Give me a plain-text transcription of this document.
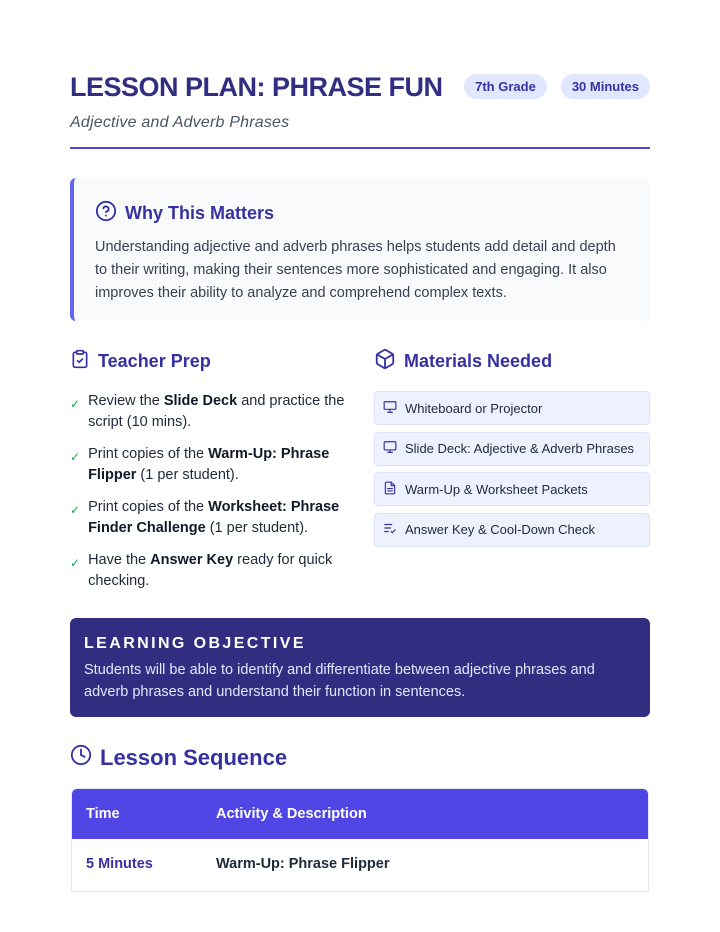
LESSON PLAN: PHRASE FUN
Adjective and Adverb Phrases
7th Grade	30 Minutes
Why This Matters

Understanding adjective and adverb phrases helps students add detail and depth to their writing, making their sentences more sophisticated and engaging. It also improves their ability to analyze and comprehend complex texts.

Teacher Prep
✓ Review the Slide Deck and practice the script (10 mins).
✓ Print copies of the Warm-Up: Phrase Flipper (1 per student).
✓ Print copies of the Worksheet: Phrase Finder Challenge (1 per student).
✓ Have the Answer Key ready for quick checking.
Materials Needed
Whiteboard or Projector
Slide Deck: Adjective & Adverb Phrases
Warm-Up & Worksheet Packets
Answer Key & Cool-Down Check
LEARNING OBJECTIVE

Students will be able to identify and differentiate between adjective phrases and adverb phrases and understand their function in sentences.

Lesson Sequence
Time	Activity & Description
5 Minutes	Warm-Up: Phrase Flipper
